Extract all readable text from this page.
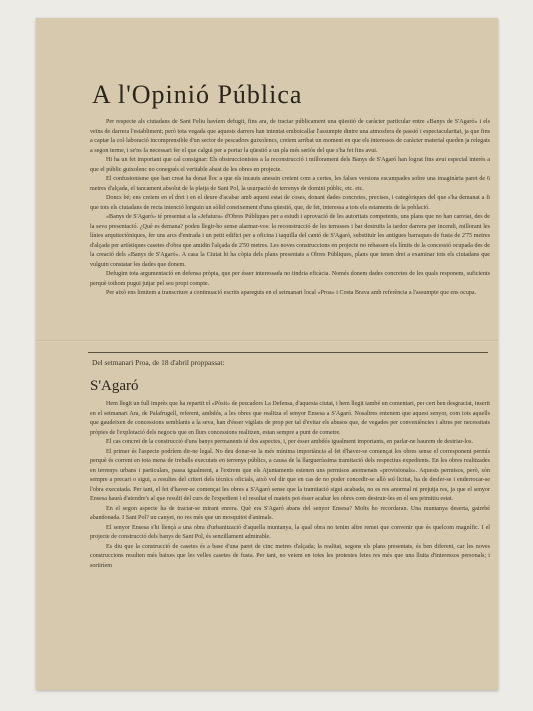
A l'Opinió Pública

Per respecte als ciutadans de Sant Feliu havíem defugit, fins ara, de tractar públicament una qüestió de caràcter particular entre «Banys de S'Agaró» i els veïns de darrera l'establiment; però tota vegada que aquests darrers han intentat emboicallar l'assumpte dintre una atmosfera de passió i espectacularitat, ja que fins a captar la col·laboració incomprensible d'un sector de pescadors guixolencs, creiem arribat un moment en que els interessos de caràcter material queden ja relegats a segon terme, i se'ns fa necessari fer el que calgui per a portar la qüestió a un pla més seriós del que s'ha fet fins avui.

Hi ha un fet important que cal consignar: Els obstruccionistes a la reconstrucció i millorament dels Banys de S'Agaró han lograt fins avui especial interès a que el públic guixolenc no conegués el veritable abast de les obres en projecte.

El confusionisme que han creat ha donat lloc a que els incauts anessin creient com a certes, les falses versions escampades sobre una imaginària paret de 6 metres d'alçada, el tancament absolut de la platja de Sant Pol, la usurpació de terrenys de domini públic, etc. etc.

Doncs bé; ens creiem en el dret i en el deure d'acabar amb aquest estat de coses, donant dades concretes, precises, i categòriques del que s'ha demanat a fi que tots els ciutadans de recta intenció longuin un sòlid coneixement d'una qüestió, que, de fet, interessa a tots els estaments de la població.

«Banys de S'Agaró» té presentat a la «Jefatura» d'Obres Públiques per a estudi i aprovació de les autoritats competents, uns plans que no han canviat, des de la seva presentació. ¿Què es demana? podeu llegir-ho sense alarmar-vos: la reconstrucció de les terrasses i bar destruïts la tardor darrera per incendi, millorant les línies arquitectòniques, fer uns arcs d'entrada i un petit edifici per a oficina i taquilla del cantó de S'Agaró, substituir les antigues barraques de fusta de 2'75 metres d'alçada per artístiques casetes d'obra que amidin l'alçada de 2'50 metres. Les noves construccions en projecte no rebassen els límits de la concessió ocupada des de la creació dels «Banys de S'Agaró». A casa la Ciutat hi ha còpia dels plans presentats a Obres Públiques, plans que tenen dret a examinar tots els ciutadans que vulguin constatar les dades que donem.

Defugim tota argumentació en defensa pròpia, que per ésser interessada no tindria eficàcia. Només donem dades concretes de les quals responem, suficients perquè tothom pugui jutjar pel seu propi compte.

Per això ens limitem a transcriure a continuació escrits apareguts en el setmanari local «Proa» i Costa Brava amb referència a l'assumpte que ens ocupa.

Del setmanari Proa, de 18 d'abril proppassat:
S'Agaró

Hem llegit un full imprès que ha repartit el «Pòsit» de pescadors La Defensa, d'aquesta ciutat, i hem llegit també un comentari, per cert ben desgraciat, inserit en el setmanari Ara, de Palafrugell, referent, ambdós, a les obres que realitza el senyor Ensesa a S'Agaró. Nosaltres entenem que aquest senyor, com tots aquells que gaudeixen de concessions semblants a la seva, han d'ésser vigilats de prop per tal d'evitar els abusos que, de vegades per conveniències i altres per necessitats pròpies de l'explotació dels negocis que en llurs concessions realitzen, estan sempre a punt de cometre.

El cas concret de la construcció d'uns banys permanents té dos aspectes, i, per ésser ambdós igualment importants, en parlar-ne haurem de destriar-los.

El primer és l'aspecte podríem dir-ne legal. No deu donar-se la més mínima importància al fet d'haver-se començat les obres sense el corresponent permís perquè és corrent en tota mena de treballs executats en terrenys públics, a causa de la llargueríssima tramitació dels respectius expedients. En les obres realitzades en terrenys urbans i particulars, passa igualment, a l'extrem que els Ajuntaments estenen uns permisos anomenats «provisionals». Aquests permisos, però, són sempre a precari o sigui, a resultes del criteri dels tècnics oficials, això vol dir que en cas de no poder concedir-se allò sol·licitat, ha de desfer-se i enderrocar-se l'obra executada. Per tant, el fet d'haver-se començat les obres a S'Agaró sense que la tramitació sigui acabada, no es res anormal ni prejutja res, ja que el senyor Ensesa haurà d'atendre's al que resulti del curs de l'expedient i el resultat el mateix pot ésser acabar les obres com destruir-les en el seu primitiu estat.

En el segon aspecte ha de tractar-se mirant enrera. Què era S'Agaró abans del senyor Ensesa? Molts ho recordaran. Una muntanya deserta, gairebé abandonada. I Sant Pol? un canyet, no res més que un mosquitot d'animals.

El senyor Ensesa s'hi llençà a una obra d'urbanització d'aquella muntanya, la qual obra no tenim altre remei que convenir que és quelcom magnífic. I el projecte de construcció dels banys de Sant Pol, és senzillament admirable.

Es diu que la construcció de casetes és a base d'una paret de cinc metres d'alçada; la realitat, segons els plans presentats, és ben diferent, car les noves construccions resulten més baixes que les velles casetes de fusta. Per tant, no veiem en totes les protestes fetes res més que una lluita d'interessos personals; i sortiríem
